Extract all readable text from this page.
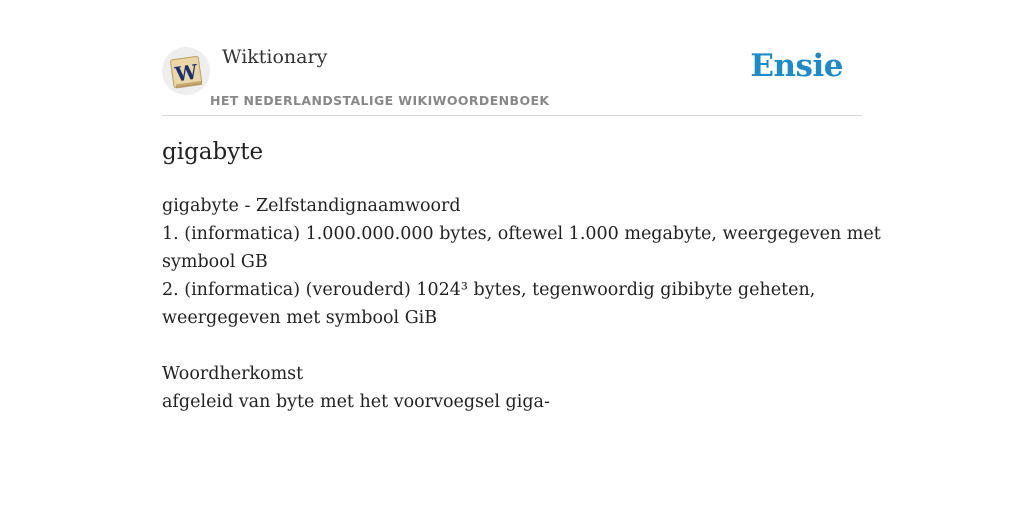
W
Wiktionary
HET NEDERLANDSTALIGE WIKIWOORDENBOEK
Ensie
gigabyte
gigabyte - Zelfstandignaamwoord
1. (informatica) 1.000.000.000 bytes, oftewel 1.000 megabyte, weergegeven met
symbool GB
2. (informatica) (verouderd) 1024³ bytes, tegenwoordig gibibyte geheten,
weergegeven met symbool GiB
Woordherkomst
afgeleid van byte met het voorvoegsel giga-
